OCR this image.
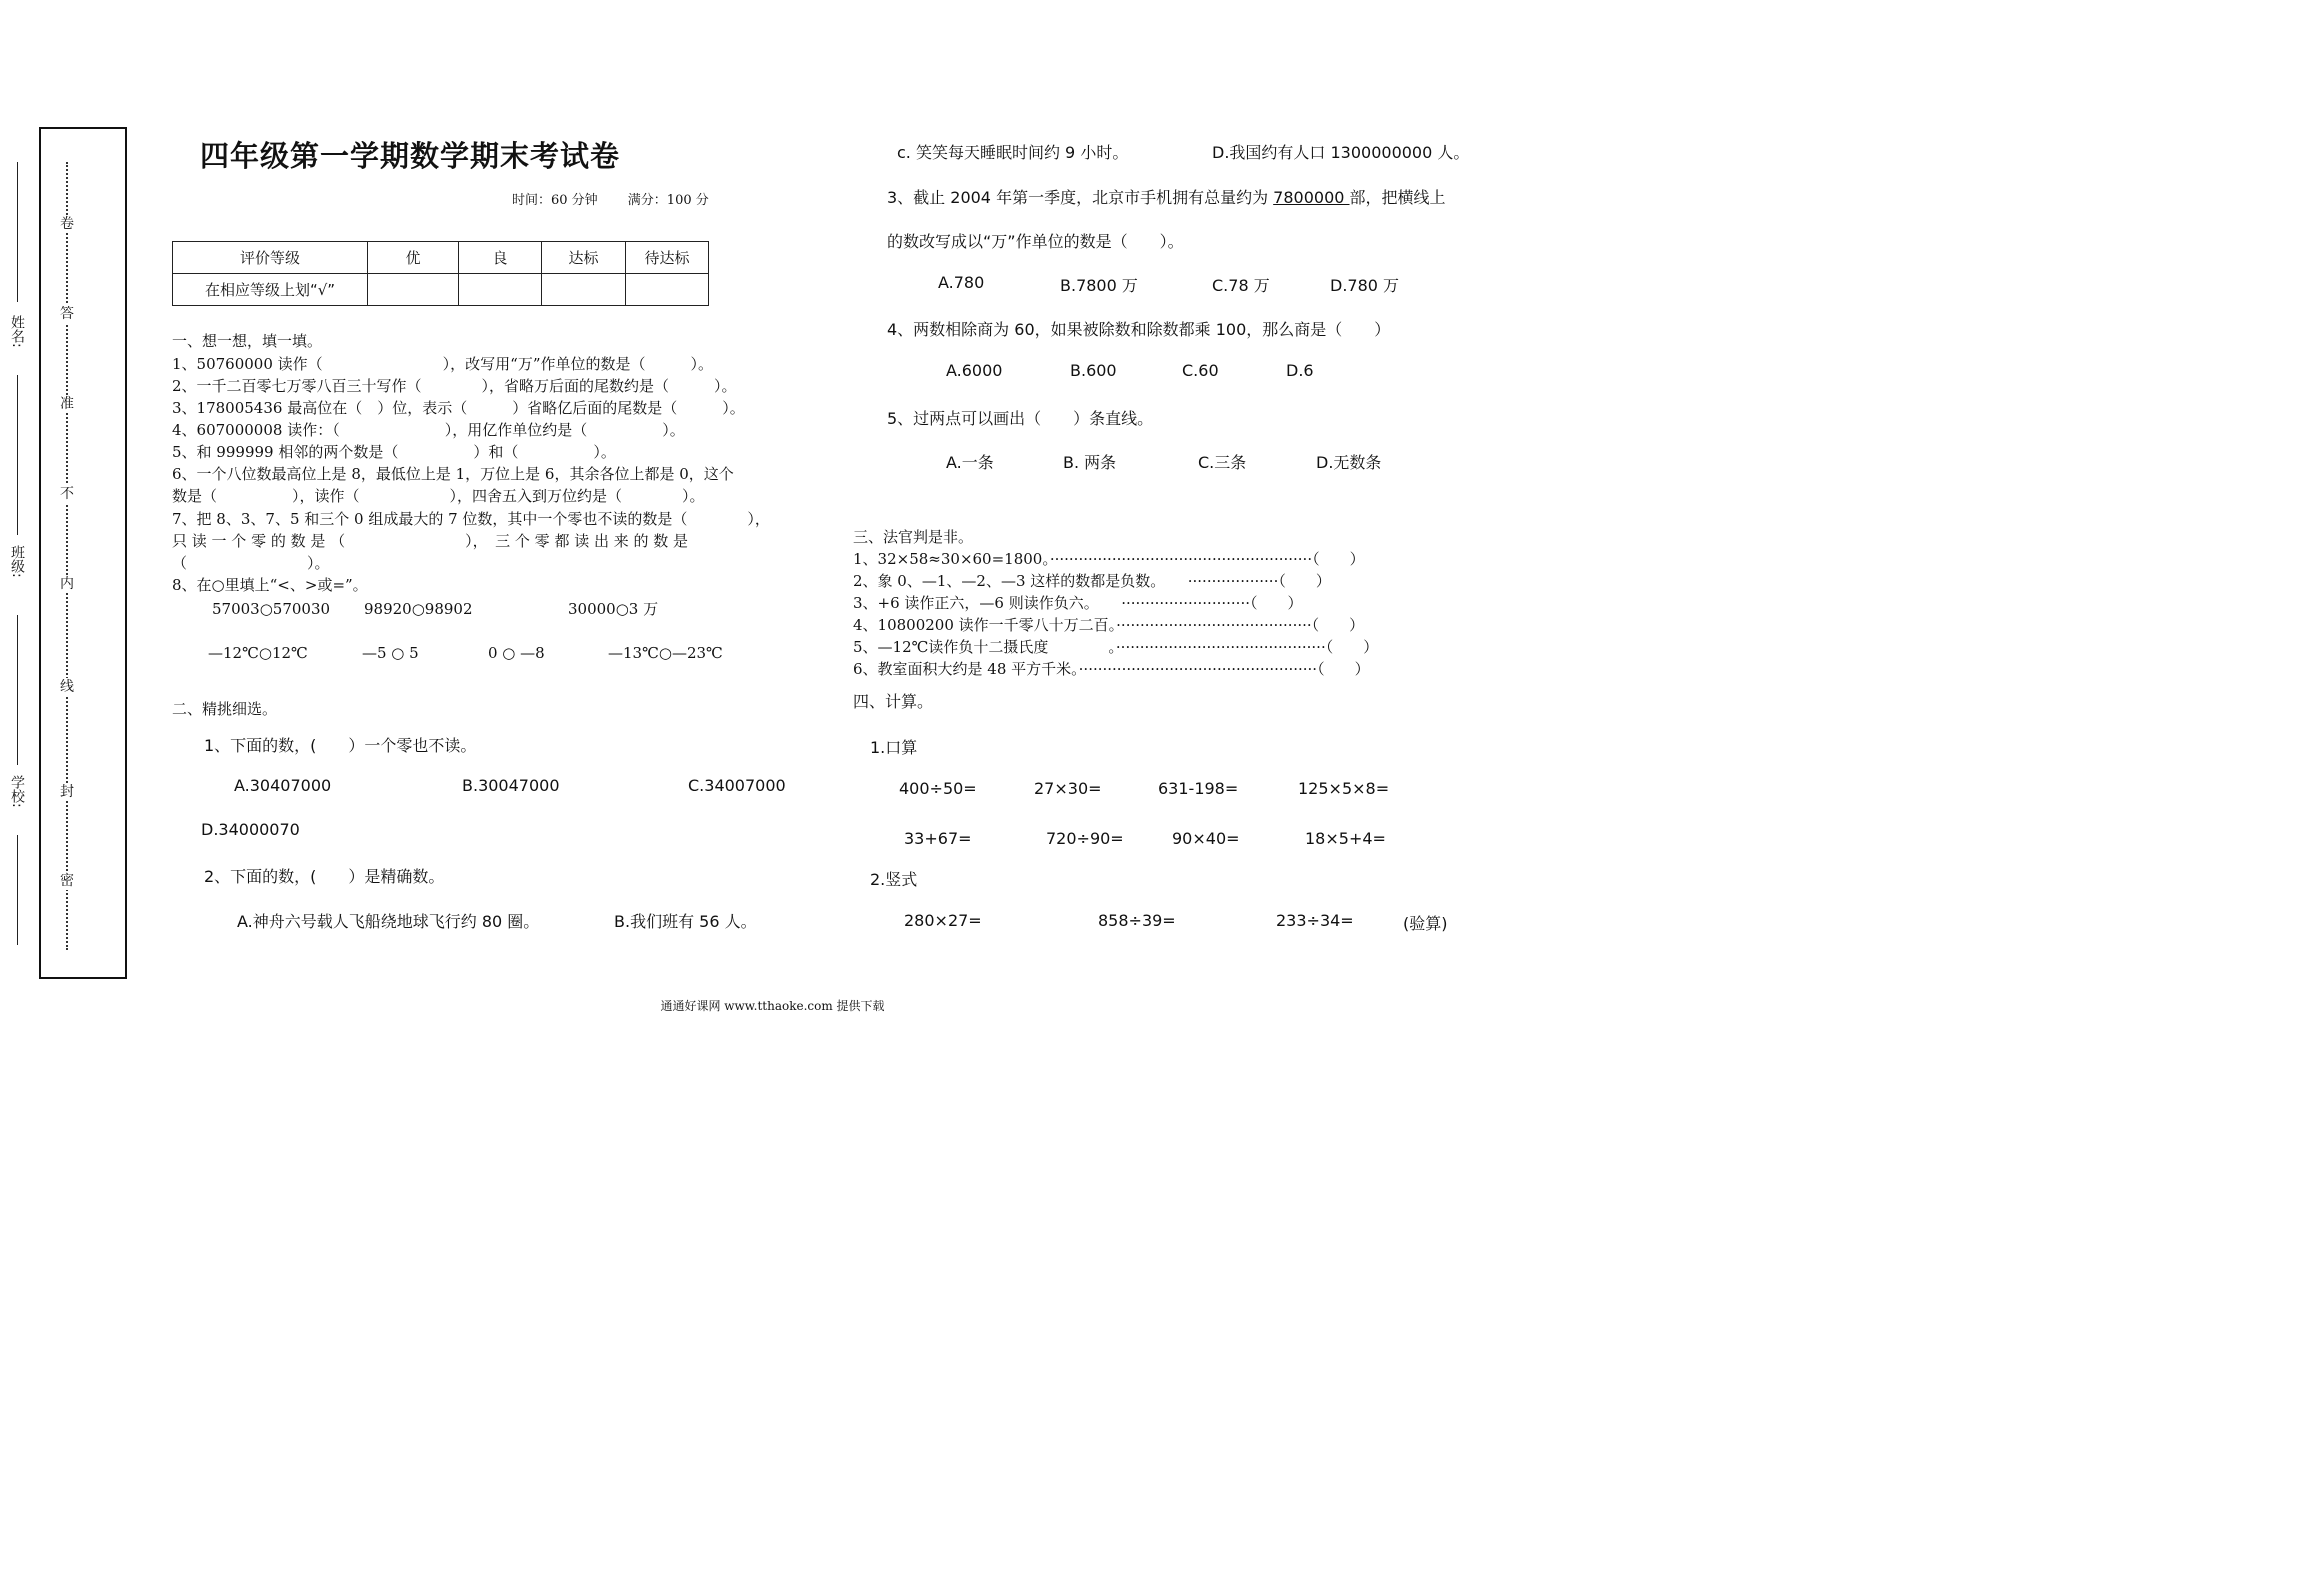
卷
答
准
不
内
线
封
密
姓名:
班级:
学校:
四年级第一学期数学期末考试卷
时间：60 分钟 　　满分：100 分
评价等级	优	良	达标	待达标
在相应等级上划“√”				
一、想一想，填一填。
1、50760000 读作（　　　　　　　　），改写用“万”作单位的数是（　　　）。
2、一千二百零七万零八百三十写作（　　　　），省略万后面的尾数约是（　　　）。
3、178005436 最高位在（　）位，表示（　　　）省略亿后面的尾数是（　　　）。
4、607000008 读作：（　　　　　　　），用亿作单位约是（　　　　　）。
5、和 999999 相邻的两个数是（　　　　　）和（　　　　　）。
6、一个八位数最高位上是 8，最低位上是 1，万位上是 6，其余各位上都是 0，这个
数是（　　　　　），读作（　　　　　　），四舍五入到万位约是（　　　　）。
7、把 8、3、7、5 和三个 0 组成最大的 7 位数，其中一个零也不读的数是（　　　　），
只 读 一 个 零 的 数 是 （　　　　　　　　），　三 个 零 都 读 出 来 的 数 是
（　　　　　　　　）。
8、在○里填上“<、>或=”。
57003○570030 98920○98902	30000○3 万
—12℃○12℃	—5 ○ 5	0 ○ —8	—13℃○—23℃
二、精挑细选。
1、下面的数，(　　）一个零也不读。
A.30407000	B.30047000	C.34007000
D.34000070
2、下面的数，(　　）是精确数。
A.神舟六号载人飞船绕地球飞行约 80 圈。	B.我们班有 56 人。
c. 笑笑每天睡眠时间约 9 小时。	D.我国约有人口 1300000000 人。
3、截止 2004 年第一季度，北京市手机拥有总量约为 7800000 部，把横线上
的数改写成以“万”作单位的数是（　　）。
A.780	B.7800 万	C.78 万	D.780 万
4、两数相除商为 60，如果被除数和除数都乘 100，那么商是（　　）
A.6000	B.600	C.60	D.6
5、过两点可以画出（　　）条直线。
A.一条	B. 两条	C.三条	D.无数条
三、法官判是非。
1、32×58≈30×60=1800。·······················································（　　）
2、象 0、—1、—2、—3 这样的数都是负数。　　···················（　　）
3、+6 读作正六，—6 则读作负六。　　···························（　　）
4、10800200 读作一千零八十万二百。·········································（　　）
5、—12℃读作负十二摄氏度　　　　。············································（　　）
6、教室面积大约是 48 平方千米。··················································（　　）
四、计算。
1.口算
400÷50=	27×30=	631-198=	125×5×8=
33+67=	720÷90=	90×40=	18×5+4=
2.竖式
280×27=	858÷39=	233÷34=	(验算)
通通好课网 www.tthaoke.com 提供下载
